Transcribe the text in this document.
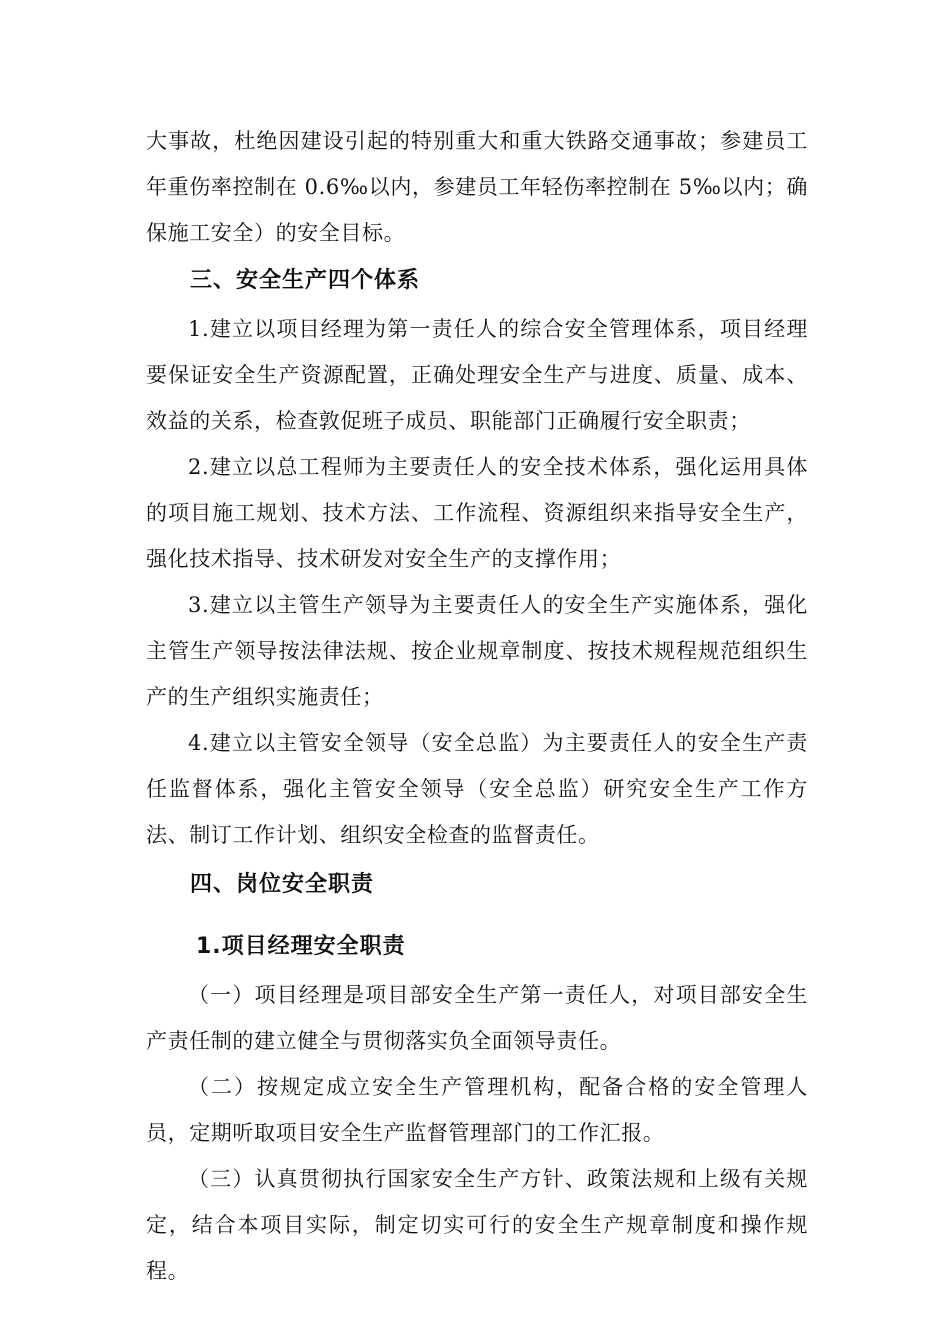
大事故，杜绝因建设引起的特别重大和重大铁路交通事故；参建员工年重伤率控制在 0.6‰以内，参建员工年轻伤率控制在 5‰以内；确保施工安全）的安全目标。

三、安全生产四个体系

1.建立以项目经理为第一责任人的综合安全管理体系，项目经理要保证安全生产资源配置，正确处理安全生产与进度、质量、成本、效益的关系，检查敦促班子成员、职能部门正确履行安全职责；

2.建立以总工程师为主要责任人的安全技术体系，强化运用具体的项目施工规划、技术方法、工作流程、资源组织来指导安全生产，强化技术指导、技术研发对安全生产的支撑作用；

3.建立以主管生产领导为主要责任人的安全生产实施体系，强化主管生产领导按法律法规、按企业规章制度、按技术规程规范组织生产的生产组织实施责任；

4.建立以主管安全领导（安全总监）为主要责任人的安全生产责任监督体系，强化主管安全领导（安全总监）研究安全生产工作方法、制订工作计划、组织安全检查的监督责任。

四、岗位安全职责
1.项目经理安全职责

（一）项目经理是项目部安全生产第一责任人，对项目部安全生产责任制的建立健全与贯彻落实负全面领导责任。

（二）按规定成立安全生产管理机构，配备合格的安全管理人员，定期听取项目安全生产监督管理部门的工作汇报。

（三）认真贯彻执行国家安全生产方针、政策法规和上级有关规定，结合本项目实际，制定切实可行的安全生产规章制度和操作规程。
